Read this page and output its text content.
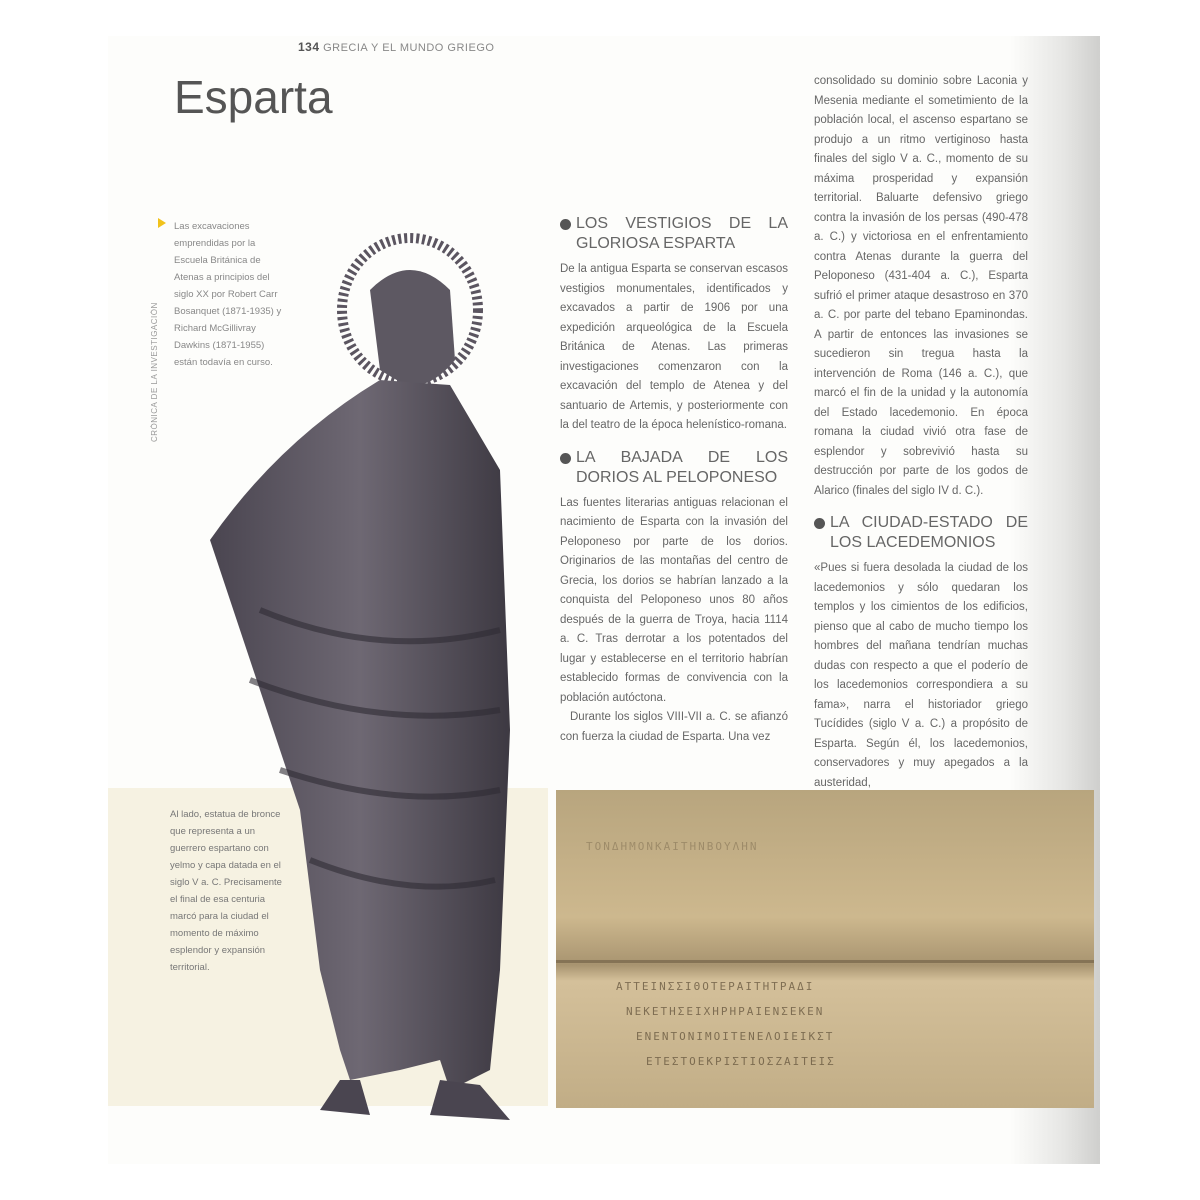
134 GRECIA Y EL MUNDO GRIEGO
Esparta
CRÓNICA DE LA INVESTIGACIÓN
Las excavaciones emprendidas por la Escuela Británica de Atenas a principios del siglo XX por Robert Carr Bosanquet (1871-1935) y Richard McGillivray Dawkins (1871-1955) están todavía en curso.
Al lado, estatua de bronce que representa a un guerrero espartano con yelmo y capa datada en el siglo V a. C. Precisamente el final de esa centuria marcó para la ciudad el momento de máximo esplendor y expansión territorial.
LOS VESTIGIOS DE LA GLORIOSA ESPARTA

De la antigua Esparta se conservan escasos vestigios monumentales, identificados y excavados a partir de 1906 por una expedición arqueológica de la Escuela Británica de Atenas. Las primeras investigaciones comenzaron con la excavación del templo de Atenea y del santuario de Artemis, y posteriormente con la del teatro de la época helenístico-romana.

LA BAJADA DE LOS DORIOS AL PELOPONESO

Las fuentes literarias antiguas relacionan el nacimiento de Esparta con la invasión del Peloponeso por parte de los dorios. Originarios de las montañas del centro de Grecia, los dorios se habrían lanzado a la conquista del Peloponeso unos 80 años después de la guerra de Troya, hacia 1114 a. C. Tras derrotar a los potentados del lugar y establecerse en el territorio habrían establecido formas de convivencia con la población autóctona.

Durante los siglos VIII-VII a. C. se afianzó con fuerza la ciudad de Esparta. Una vez

consolidado su dominio sobre Laconia y Mesenia mediante el sometimiento de la población local, el ascenso espartano se produjo a un ritmo vertiginoso hasta finales del siglo V a. C., momento de su máxima prosperidad y expansión territorial. Baluarte defensivo griego contra la invasión de los persas (490-478 a. C.) y victoriosa en el enfrentamiento contra Atenas durante la guerra del Peloponeso (431-404 a. C.), Esparta sufrió el primer ataque desastroso en 370 a. C. por parte del tebano Epaminondas. A partir de entonces las invasiones se sucedieron sin tregua hasta la intervención de Roma (146 a. C.), que marcó el fin de la unidad y la autonomía del Estado lacedemonio. En época romana la ciudad vivió otra fase de esplendor y sobrevivió hasta su destrucción por parte de los godos de Alarico (finales del siglo IV d. C.).

LA CIUDAD-ESTADO DE LOS LACEDEMONIOS

«Pues si fuera desolada la ciudad de los lacedemonios y sólo quedaran los templos y los cimientos de los edificios, pienso que al cabo de mucho tiempo los hombres del mañana tendrían muchas dudas con respecto a que el poderío de los lacedemonios correspondiera a su fama», narra el historiador griego Tucídides (siglo V a. C.) a propósito de Esparta. Según él, los lacedemonios, conservadores y muy apegados a la austeridad,

ΑΤΤΕΙΝΣΣΙΘΟΤΕΡΑΙΤΗΤΡΑΔΙ
ΝΕΚΕΤΗΣΕΙΧΗΡΗΡΑΙΕΝΣΕΚΕΝ
ΕΝΕΝΤΟΝΙΜΟΙΤΕΝΕΛΟΙΕΙΚΣΤ
ΕΤΕΣΤΟΕΚΡΙΣΤΙΟΣΖΑΙΤΕΙΣ
ΤΟΝΔΗΜΟΝΚΑΙΤΗΝΒΟΥΛΗΝ
